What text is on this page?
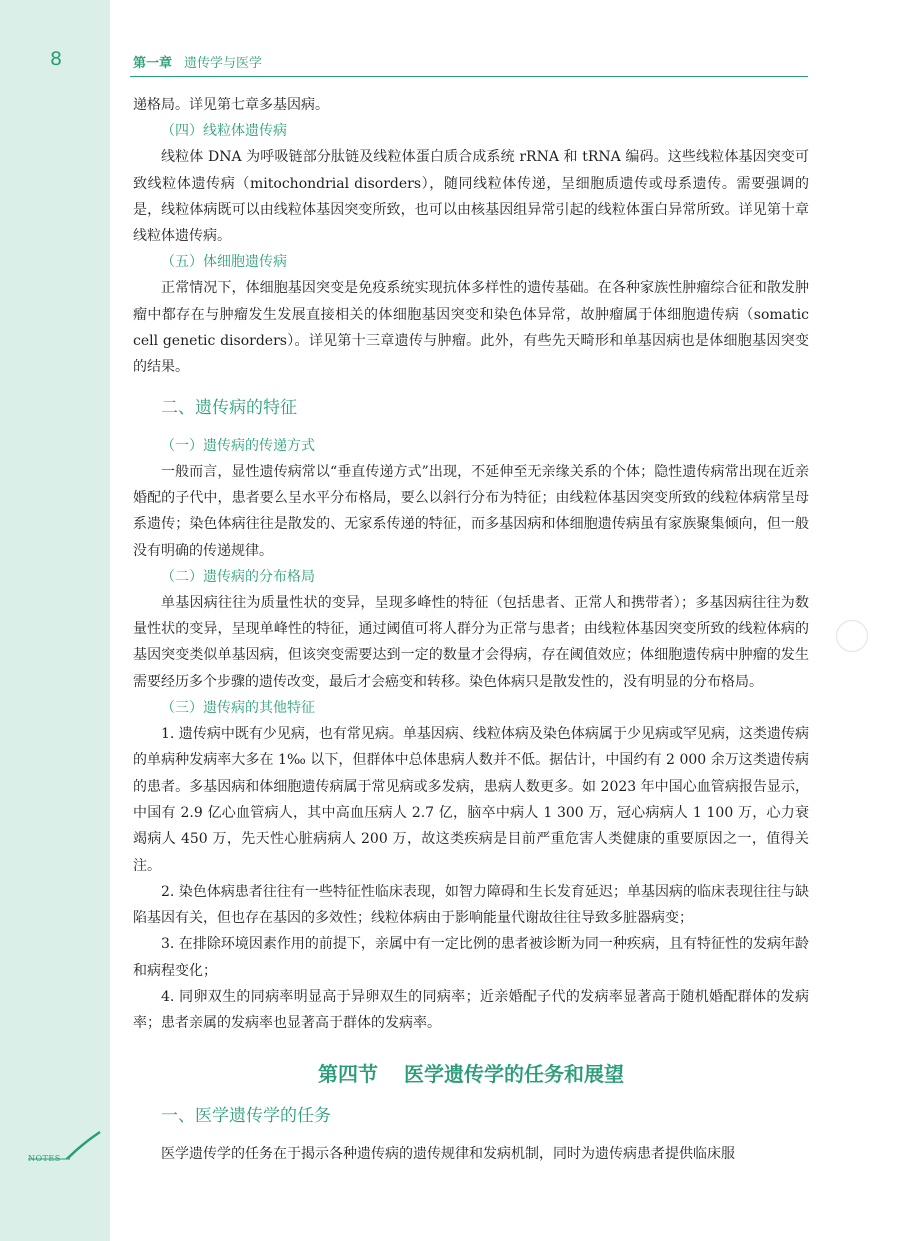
8	第一章 遗传学与医学

递格局。详见第七章多基因病。

（四）线粒体遗传病

线粒体 DNA 为呼吸链部分肽链及线粒体蛋白质合成系统 rRNA 和 tRNA 编码。这些线粒体基因突变可致线粒体遗传病（mitochondrial disorders），随同线粒体传递，呈细胞质遗传或母系遗传。需要强调的是，线粒体病既可以由线粒体基因突变所致，也可以由核基因组异常引起的线粒体蛋白异常所致。详见第十章线粒体遗传病。

（五）体细胞遗传病

正常情况下，体细胞基因突变是免疫系统实现抗体多样性的遗传基础。在各种家族性肿瘤综合征和散发肿瘤中都存在与肿瘤发生发展直接相关的体细胞基因突变和染色体异常，故肿瘤属于体细胞遗传病（somatic cell genetic disorders）。详见第十三章遗传与肿瘤。此外，有些先天畸形和单基因病也是体细胞基因突变的结果。

二、遗传病的特征
（一）遗传病的传递方式

一般而言，显性遗传病常以“垂直传递方式”出现，不延伸至无亲缘关系的个体；隐性遗传病常出现在近亲婚配的子代中，患者要么呈水平分布格局，要么以斜行分布为特征；由线粒体基因突变所致的线粒体病常呈母系遗传；染色体病往往是散发的、无家系传递的特征，而多基因病和体细胞遗传病虽有家族聚集倾向，但一般没有明确的传递规律。

（二）遗传病的分布格局

单基因病往往为质量性状的变异，呈现多峰性的特征（包括患者、正常人和携带者）；多基因病往往为数量性状的变异，呈现单峰性的特征，通过阈值可将人群分为正常与患者；由线粒体基因突变所致的线粒体病的基因突变类似单基因病，但该突变需要达到一定的数量才会得病，存在阈值效应；体细胞遗传病中肿瘤的发生需要经历多个步骤的遗传改变，最后才会癌变和转移。染色体病只是散发性的，没有明显的分布格局。

（三）遗传病的其他特征

1. 遗传病中既有少见病，也有常见病。单基因病、线粒体病及染色体病属于少见病或罕见病，这类遗传病的单病种发病率大多在 1‰ 以下，但群体中总体患病人数并不低。据估计，中国约有 2 000 余万这类遗传病的患者。多基因病和体细胞遗传病属于常见病或多发病，患病人数更多。如 2023 年中国心血管病报告显示，中国有 2.9 亿心血管病人，其中高血压病人 2.7 亿，脑卒中病人 1 300 万，冠心病病人 1 100 万，心力衰竭病人 450 万，先天性心脏病病人 200 万，故这类疾病是目前严重危害人类健康的重要原因之一，值得关注。

2. 染色体病患者往往有一些特征性临床表现，如智力障碍和生长发育延迟；单基因病的临床表现往往与缺陷基因有关，但也存在基因的多效性；线粒体病由于影响能量代谢故往往导致多脏器病变；

3. 在排除环境因素作用的前提下，亲属中有一定比例的患者被诊断为同一种疾病，且有特征性的发病年龄和病程变化；

4. 同卵双生的同病率明显高于异卵双生的同病率；近亲婚配子代的发病率显著高于随机婚配群体的发病率；患者亲属的发病率也显著高于群体的发病率。

第四节 医学遗传学的任务和展望
一、医学遗传学的任务

医学遗传学的任务在于揭示各种遗传病的遗传规律和发病机制，同时为遗传病患者提供临床服

NOTES
